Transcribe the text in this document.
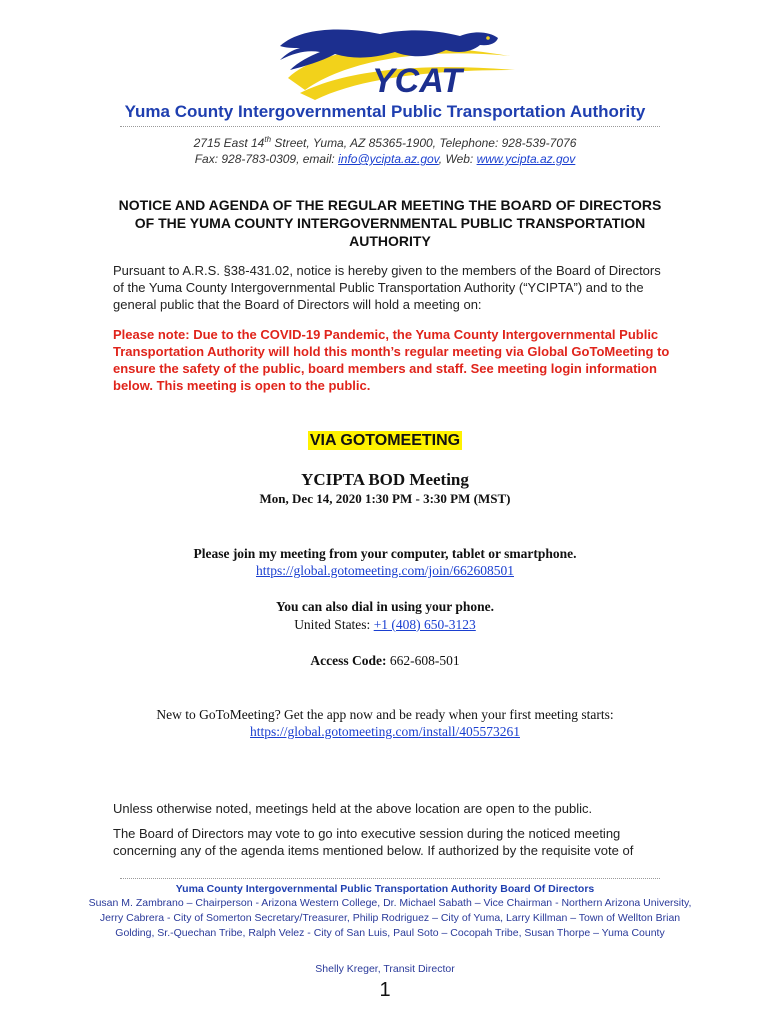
YCAT
Yuma County Intergovernmental Public Transportation Authority
2715 East 14th Street, Yuma, AZ 85365-1900, Telephone: 928-539-7076
Fax: 928-783-0309, email: info@ycipta.az.gov, Web: www.ycipta.az.gov
NOTICE AND AGENDA OF THE REGULAR MEETING THE BOARD OF DIRECTORS OF THE YUMA COUNTY INTERGOVERNMENTAL PUBLIC TRANSPORTATION AUTHORITY
Pursuant to A.R.S. §38-431.02, notice is hereby given to the members of the Board of Directors of the Yuma County Intergovernmental Public Transportation Authority (“YCIPTA”) and to the general public that the Board of Directors will hold a meeting on:
Please note: Due to the COVID-19 Pandemic, the Yuma County Intergovernmental Public Transportation Authority will hold this month’s regular meeting via Global GoToMeeting to ensure the safety of the public, board members and staff. See meeting login information below. This meeting is open to the public.
VIA GOTOMEETING
YCIPTA BOD Meeting
Mon, Dec 14, 2020 1:30 PM - 3:30 PM (MST)
Please join my meeting from your computer, tablet or smartphone.
https://global.gotomeeting.com/join/662608501
You can also dial in using your phone.
United States: +1 (408) 650-3123
Access Code: 662-608-501
New to GoToMeeting? Get the app now and be ready when your first meeting starts:
https://global.gotomeeting.com/install/405573261
Unless otherwise noted, meetings held at the above location are open to the public.
The Board of Directors may vote to go into executive session during the noticed meeting concerning any of the agenda items mentioned below. If authorized by the requisite vote of
Yuma County Intergovernmental Public Transportation Authority Board Of Directors
Susan M. Zambrano – Chairperson - Arizona Western College, Dr. Michael Sabath – Vice Chairman - Northern Arizona University, Jerry Cabrera - City of Somerton Secretary/Treasurer, Philip Rodriguez – City of Yuma, Larry Killman – Town of Wellton Brian Golding, Sr.-Quechan Tribe, Ralph Velez - City of San Luis, Paul Soto – Cocopah Tribe, Susan Thorpe – Yuma County
Shelly Kreger, Transit Director
1
